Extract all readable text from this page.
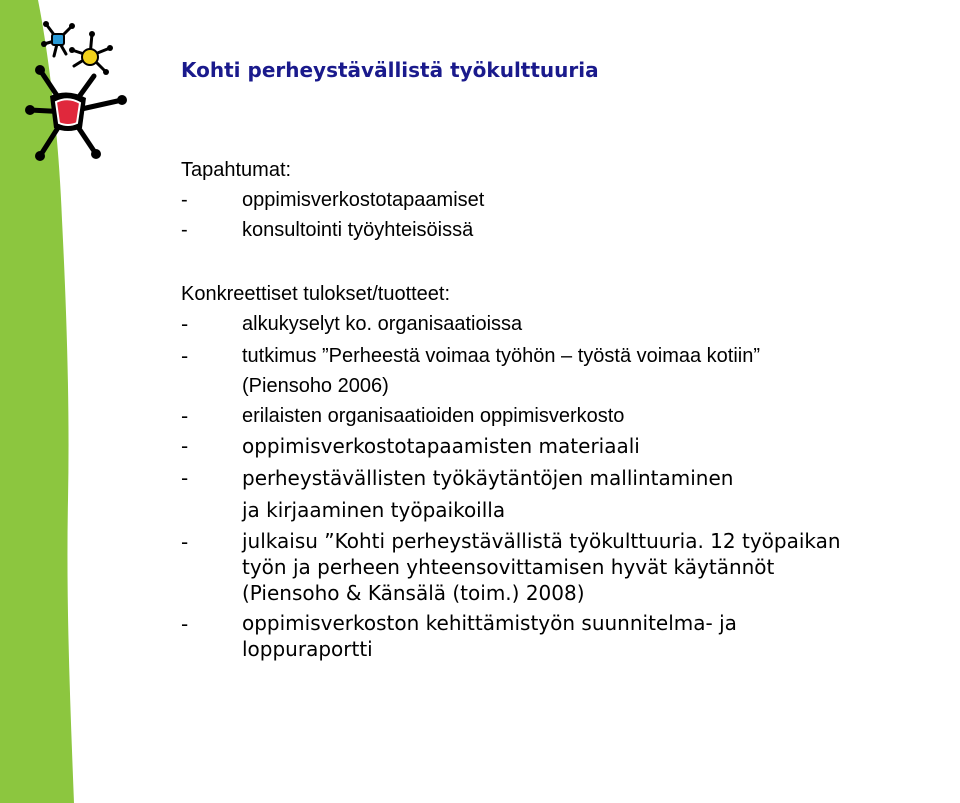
Kohti perheystävällistä työkulttuuria
Tapahtumat:
-	oppimisverkostotapaamiset
-	konsultointi työyhteisöissä
Konkreettiset tulokset/tuotteet:
-	alkukyselyt ko. organisaatioissa
-	tutkimus ”Perheestä voimaa työhön – työstä voimaa kotiin”
(Piensoho 2006)
-	erilaisten organisaatioiden oppimisverkosto
-	oppimisverkostotapaamisten materiaali
-	perheystävällisten työkäytäntöjen mallintaminen
ja kirjaaminen työpaikoilla
-	julkaisu ”Kohti perheystävällistä työkulttuuria. 12 työpaikan
työn ja perheen yhteensovittamisen hyvät käytännöt
(Piensoho & Känsälä (toim.) 2008)
-	oppimisverkoston kehittämistyön suunnitelma- ja
loppuraportti
